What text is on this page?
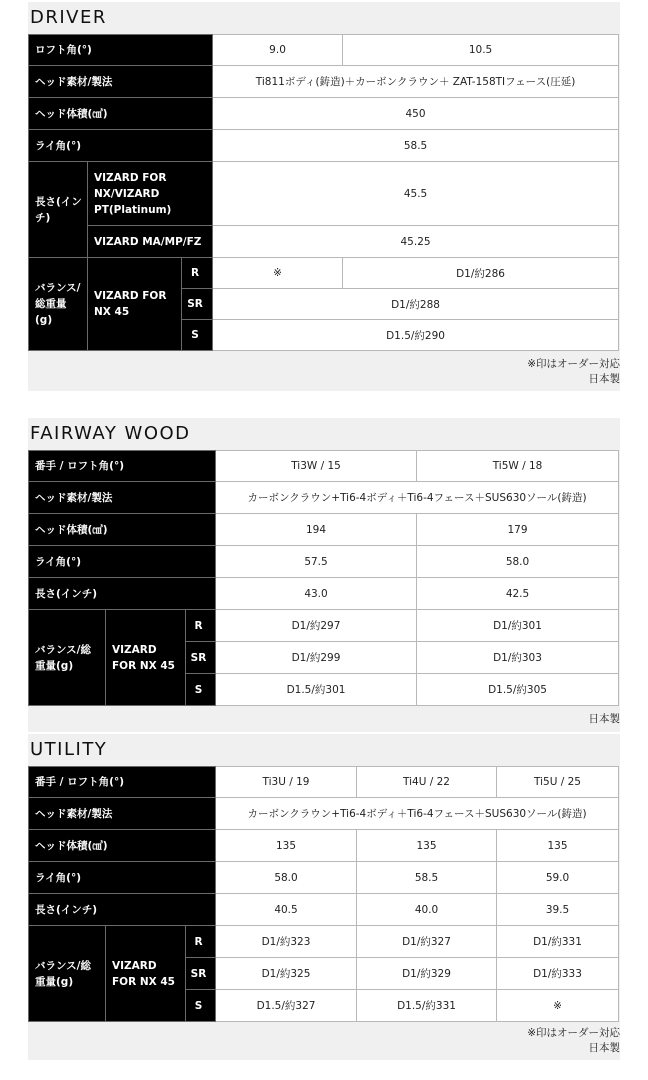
DRIVER
ロフト角(°)			9.0	10.5
ヘッド素材/製法			Ti811ボディ(鋳造)＋カーボンクラウン＋ ZAT-158TIフェース(圧延)	
ヘッド体積(㎤)			450	
ライ角(°)			58.5	
長さ(インチ)	VIZARD FOR NX/VIZARD PT(Platinum)		45.5	
	VIZARD MA/MP/FZ		45.25	
バランス/総重量(g)	VIZARD FOR NX 45	R	※	D1/約286
		SR	D1/約288	
		S	D1.5/約290	
※印はオーダー対応
日本製
FAIRWAY WOOD
番手 / ロフト角(°)			Ti3W / 15	Ti5W / 18
ヘッド素材/製法			カーボンクラウン+Ti6-4ボディ＋Ti6-4フェース＋SUS630ソール(鋳造)	
ヘッド体積(㎤)			194	179
ライ角(°)			57.5	58.0
長さ(インチ)			43.0	42.5
バランス/総重量(g)	VIZARD FOR NX 45	R	D1/約297	D1/約301
		SR	D1/約299	D1/約303
		S	D1.5/約301	D1.5/約305
日本製
UTILITY
番手 / ロフト角(°)			Ti3U / 19	Ti4U / 22	Ti5U / 25
ヘッド素材/製法			カーボンクラウン+Ti6-4ボディ＋Ti6-4フェース＋SUS630ソール(鋳造)		
ヘッド体積(㎤)			135	135	135
ライ角(°)			58.0	58.5	59.0
長さ(インチ)			40.5	40.0	39.5
バランス/総重量(g)	VIZARD FOR NX 45	R	D1/約323	D1/約327	D1/約331
		SR	D1/約325	D1/約329	D1/約333
		S	D1.5/約327	D1.5/約331	※
※印はオーダー対応
日本製
